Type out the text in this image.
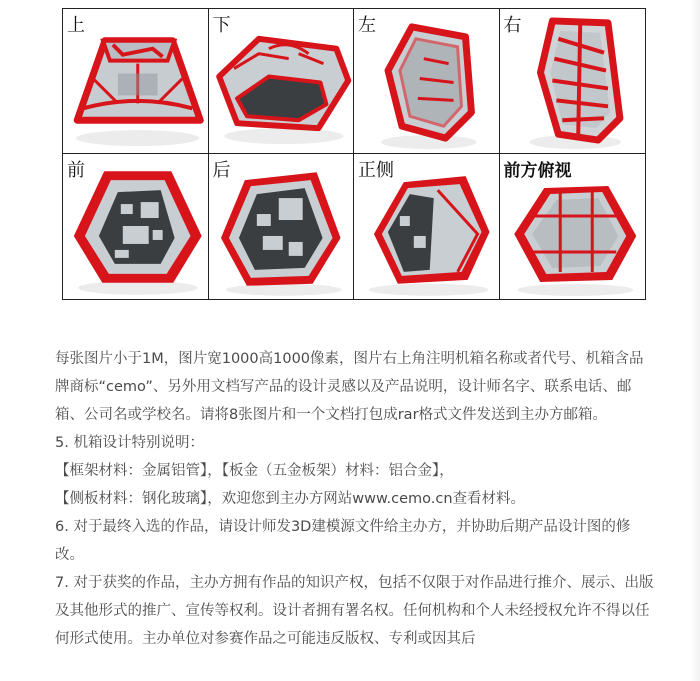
上	下	左	右
前	后	正侧	前方俯视

每张图片小于1M，图片宽1000高1000像素，图片右上角注明机箱名称或者代号、机箱含品牌商标“cemo”、另外用文档写产品的设计灵感以及产品说明，设计师名字、联系电话、邮箱、公司名或学校名。请将8张图片和一个文档打包成rar格式文件发送到主办方邮箱。

5. 机箱设计特别说明：

【框架材料：金属铝管】，【板金（五金板架）材料：铝合金】，

【侧板材料：钢化玻璃】，欢迎您到主办方网站www.cemo.cn查看材料。

6. 对于最终入选的作品，请设计师发3D建模源文件给主办方，并协助后期产品设计图的修改。

7. 对于获奖的作品，主办方拥有作品的知识产权，包括不仅限于对作品进行推介、展示、出版及其他形式的推广、宣传等权利。设计者拥有署名权。任何机构和个人未经授权允许不得以任何形式使用。主办单位对参赛作品之可能违反版权、专利或因其后
